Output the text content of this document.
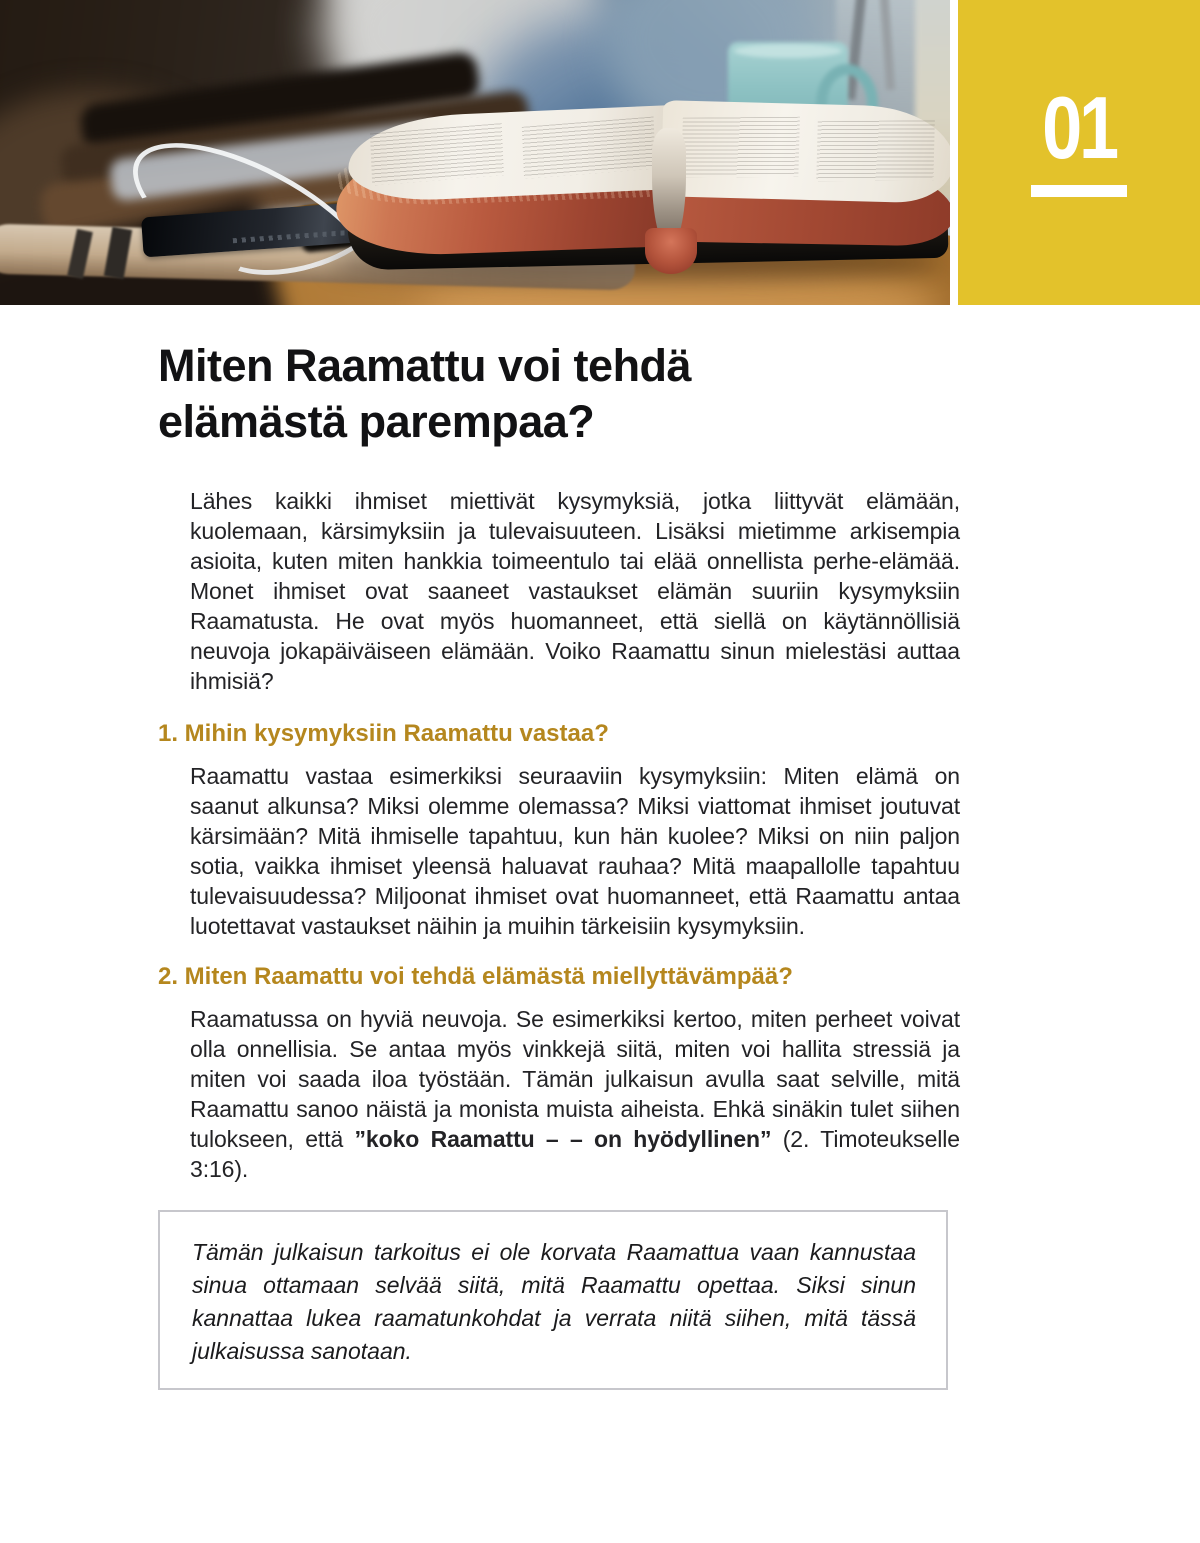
01
Miten Raamattu voi tehdä elämästä parempaa?

Lähes kaikki ihmiset miettivät kysymyksiä, jotka liittyvät elämään, kuolemaan, kärsimyksiin ja tulevaisuuteen. Lisäksi mietimme arkisempia asioita, kuten miten hankkia toimeentulo tai elää onnellista perhe-elämää. Monet ihmiset ovat saaneet vastaukset elämän suuriin kysymyksiin Raamatusta. He ovat myös huomanneet, että siellä on käytännöllisiä neuvoja jokapäiväiseen elämään. Voiko Raamattu sinun mielestäsi auttaa ihmisiä?

1. Mihin kysymyksiin Raamattu vastaa?

Raamattu vastaa esimerkiksi seuraaviin kysymyksiin: Miten elämä on saanut alkunsa? Miksi olemme olemassa? Miksi viattomat ihmiset joutuvat kärsimään? Mitä ihmiselle tapahtuu, kun hän kuolee? Miksi on niin paljon sotia, vaikka ihmiset yleensä haluavat rauhaa? Mitä maapallolle tapahtuu tulevaisuudessa? Miljoonat ihmiset ovat huomanneet, että Raamattu antaa luotettavat vastaukset näihin ja muihin tärkeisiin kysymyksiin.

2. Miten Raamattu voi tehdä elämästä miellyttävämpää?

Raamatussa on hyviä neuvoja. Se esimerkiksi kertoo, miten perheet voivat olla onnellisia. Se antaa myös vinkkejä siitä, miten voi hallita stressiä ja miten voi saada iloa työstään. Tämän julkaisun avulla saat selville, mitä Raamattu sanoo näistä ja monista muista aiheista. Ehkä sinäkin tulet siihen tulokseen, että ”koko Raamattu – – on hyödyllinen” (2. Timoteukselle 3:16).

Tämän julkaisun tarkoitus ei ole korvata Raamattua vaan kannustaa sinua ottamaan selvää siitä, mitä Raamattu opettaa. Siksi sinun kannattaa lukea raamatunkohdat ja verrata niitä siihen, mitä tässä julkaisussa sanotaan.
